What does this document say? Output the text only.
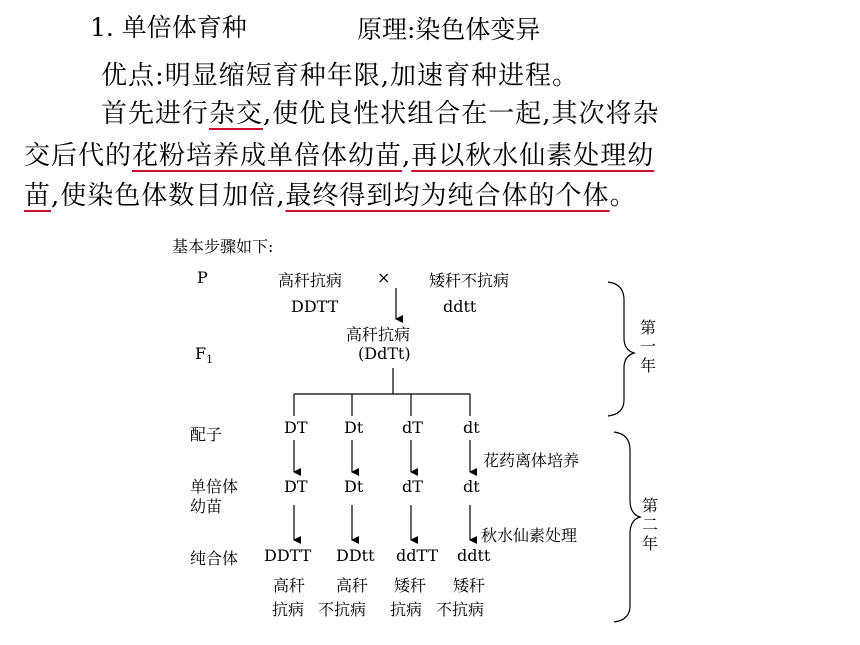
1. 单倍体育种	原理:染色体变异
优点:明显缩短育种年限,加速育种进程。
首先进行杂交,使优良性状组合在一起,其次将杂
交后代的花粉培养成单倍体幼苗,再以秋水仙素处理幼
苗,使染色体数目加倍,最终得到均为纯合体的个体。
基本步骤如下:
P	高秆抗病 × 矮秆不抗病
DDTT	ddtt
高秆抗病
$F_1$	(DdTt)
配子	DT Dt dT	dt
花药离体培养
单倍体
幼苗
DT Dt dT	dt
秋水仙素处理
纯合体 DDTT DDtt ddTT ddtt
高秆 高秆 矮秆 矮秆
抗病 不抗病 抗病 不抗病
第
一
年
第
二
年
